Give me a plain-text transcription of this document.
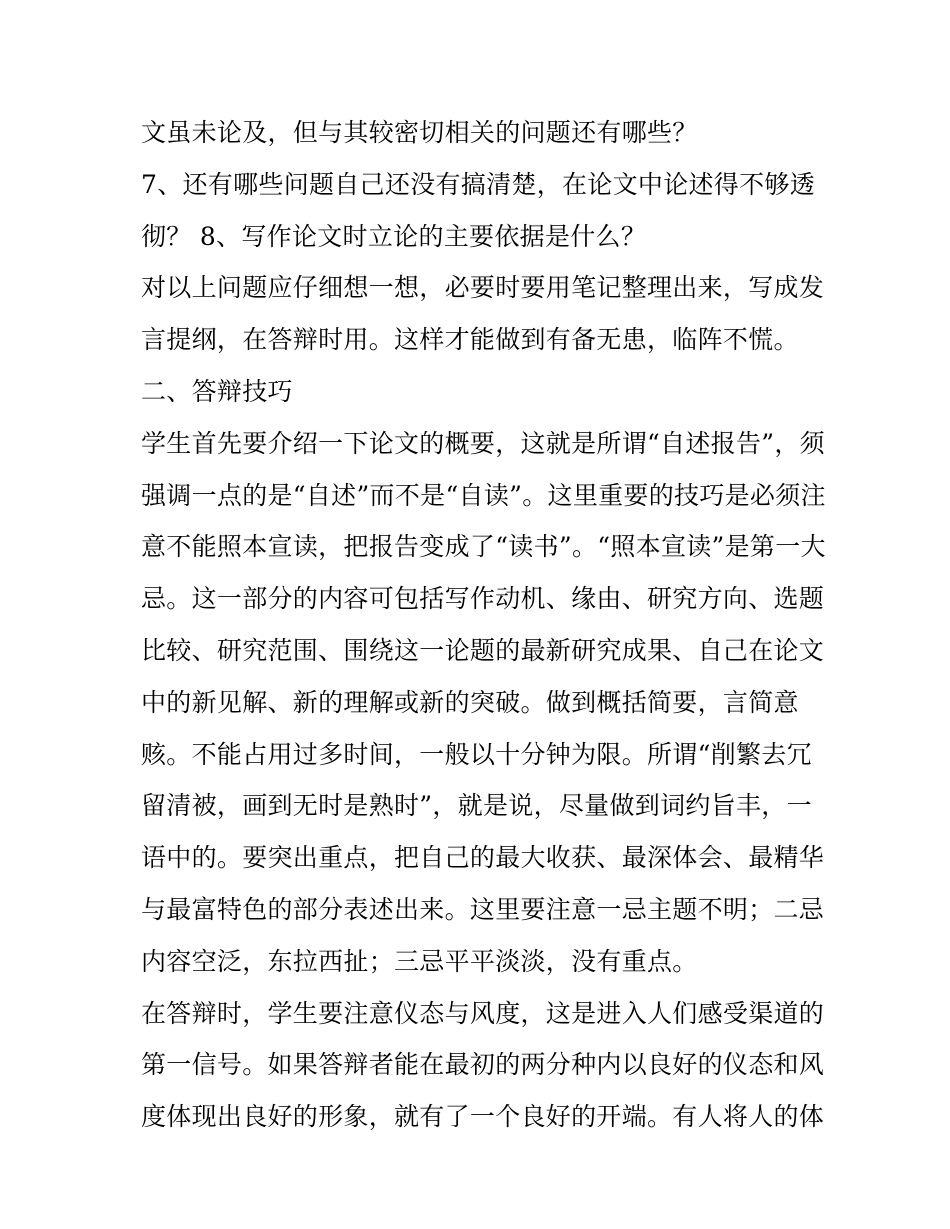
文虽未论及，但与其较密切相关的问题还有哪些？
7、还有哪些问题自己还没有搞清楚，在论文中论述得不够透
彻？ 8、写作论文时立论的主要依据是什么？
对以上问题应仔细想一想，必要时要用笔记整理出来，写成发
言提纲，在答辩时用。这样才能做到有备无患，临阵不慌。
二、答辩技巧
学生首先要介绍一下论文的概要，这就是所谓“自述报告”，须
强调一点的是“自述”而不是“自读”。这里重要的技巧是必须注
意不能照本宣读，把报告变成了“读书”。“照本宣读”是第一大
忌。这一部分的内容可包括写作动机、缘由、研究方向、选题
比较、研究范围、围绕这一论题的最新研究成果、自己在论文
中的新见解、新的理解或新的突破。做到概括简要，言简意
赅。不能占用过多时间，一般以十分钟为限。所谓“削繁去冗
留清被，画到无时是熟时”，就是说，尽量做到词约旨丰，一
语中的。要突出重点，把自己的最大收获、最深体会、最精华
与最富特色的部分表述出来。这里要注意一忌主题不明；二忌
内容空泛，东拉西扯；三忌平平淡淡，没有重点。
在答辩时，学生要注意仪态与风度，这是进入人们感受渠道的
第一信号。如果答辩者能在最初的两分种内以良好的仪态和风
度体现出良好的形象，就有了一个良好的开端。有人将人的体
